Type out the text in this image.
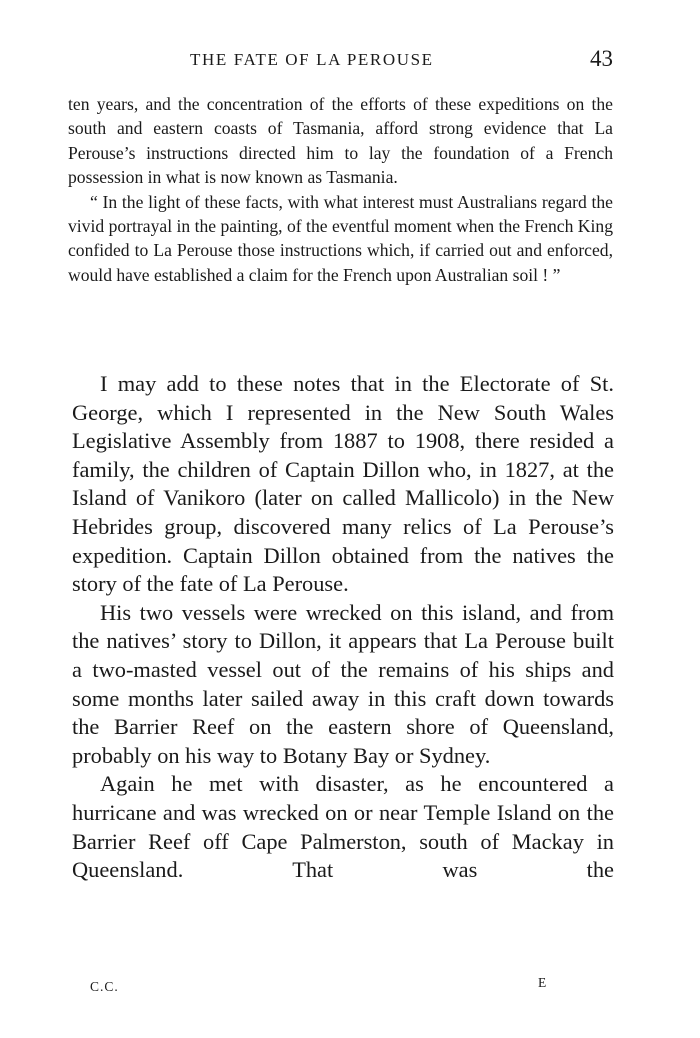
THE FATE OF LA PEROUSE	43

ten years, and the concentration of the efforts of these expeditions on the south and eastern coasts of Tasmania, afford strong evidence that La Perouse’s instructions directed him to lay the foundation of a French possession in what is now known as Tasmania.

“ In the light of these facts, with what interest must Australians regard the vivid portrayal in the painting, of the eventful moment when the French King confided to La Perouse those instructions which, if carried out and enforced, would have established a claim for the French upon Australian soil ! ”

I may add to these notes that in the Electorate of St. George, which I represented in the New South Wales Legislative Assembly from 1887 to 1908, there resided a family, the children of Captain Dillon who, in 1827, at the Island of Vanikoro (later on called Mallicolo) in the New Hebrides group, discovered many relics of La Perouse’s expedition. Captain Dillon obtained from the natives the story of the fate of La Perouse.

His two vessels were wrecked on this island, and from the natives’ story to Dillon, it appears that La Perouse built a two-masted vessel out of the remains of his ships and some months later sailed away in this craft down towards the Barrier Reef on the eastern shore of Queensland, probably on his way to Botany Bay or Sydney.

Again he met with disaster, as he encountered a hurricane and was wrecked on or near Temple Island on the Barrier Reef off Cape Palmerston, south of Mackay in Queensland. That was the

C.C.	E
